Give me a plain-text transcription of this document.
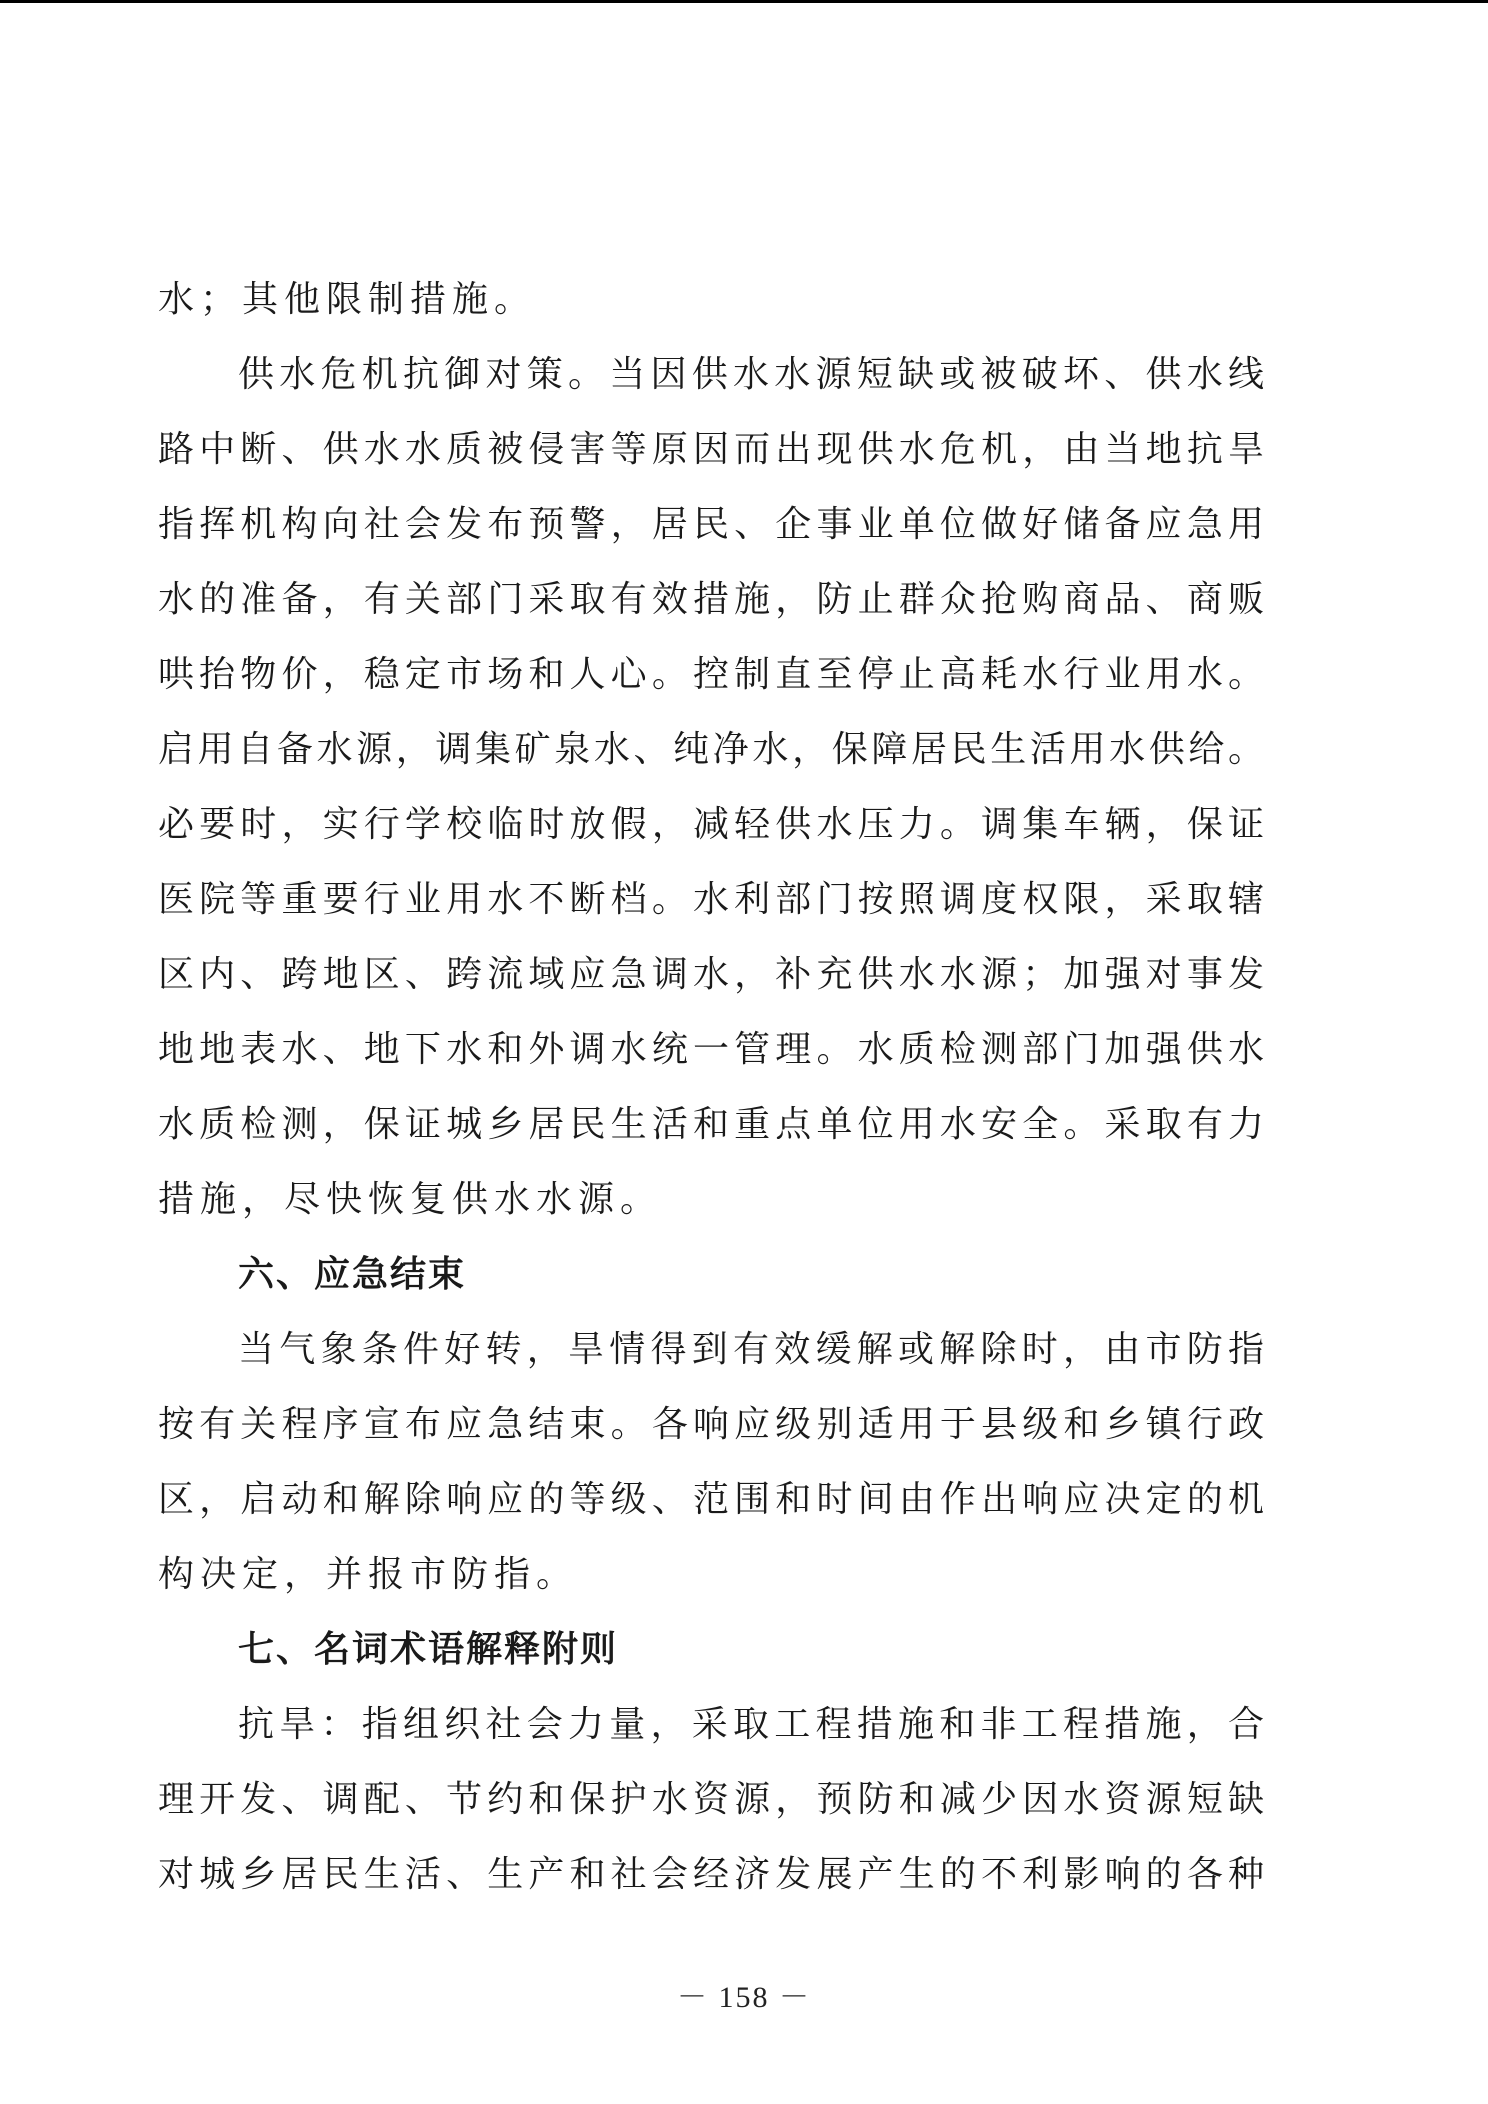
水；其他限制措施。
供水危机抗御对策。当因供水水源短缺或被破坏、供水线
路中断、供水水质被侵害等原因而出现供水危机，由当地抗旱
指挥机构向社会发布预警，居民、企事业单位做好储备应急用
水的准备，有关部门采取有效措施，防止群众抢购商品、商贩
哄抬物价，稳定市场和人心。控制直至停止高耗水行业用水。
启用自备水源，调集矿泉水、纯净水，保障居民生活用水供给。
必要时，实行学校临时放假，减轻供水压力。调集车辆，保证
医院等重要行业用水不断档。水利部门按照调度权限，采取辖
区内、跨地区、跨流域应急调水，补充供水水源；加强对事发
地地表水、地下水和外调水统一管理。水质检测部门加强供水
水质检测，保证城乡居民生活和重点单位用水安全。采取有力
措施，尽快恢复供水水源。
六、应急结束
当气象条件好转，旱情得到有效缓解或解除时，由市防指
按有关程序宣布应急结束。各响应级别适用于县级和乡镇行政
区，启动和解除响应的等级、范围和时间由作出响应决定的机
构决定，并报市防指。
七、名词术语解释附则
抗旱：指组织社会力量，采取工程措施和非工程措施，合
理开发、调配、节约和保护水资源，预防和减少因水资源短缺
对城乡居民生活、生产和社会经济发展产生的不利影响的各种
－ 158 －
